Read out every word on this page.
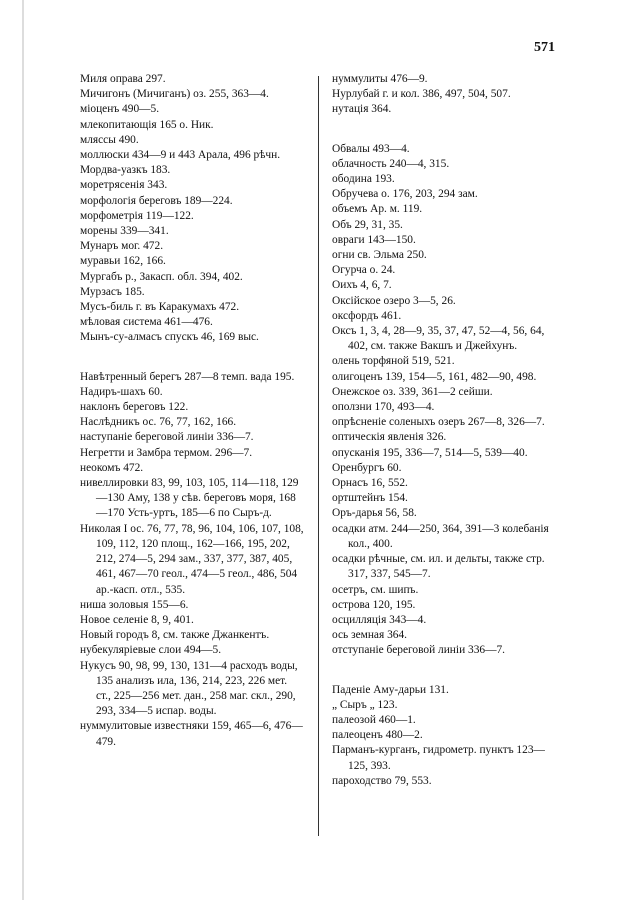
571
Миля оправа 297.
Мичигонъ (Мичиганъ) оз. 255, 363—4.
міоценъ 490—5.
млекопитающія 165 о. Ник.
мляссы 490.
моллюски 434—9 и 443 Арала, 496 рѣчн.
Мордва-уазкъ 183.
моретрясенія 343.
морфологія береговъ 189—224.
морфометрія 119—122.
морены 339—341.
Мунаръ мог. 472.
муравьи 162, 166.
Мургабъ р., Закасп. обл. 394, 402.
Мурзасъ 185.
Мусъ-биль г. въ Каракумахъ 472.
мѣловая система 461—476.
Мынъ-су-алмасъ спускъ 46, 169 выс.
Навѣтренный берегъ 287—8 темп. вада 195.
Надиръ-шахъ 60.
наклонъ береговъ 122.
Наслѣдникъ ос. 76, 77, 162, 166.
наступаніе береговой линіи 336—7.
Негретти и Замбра термом. 296—7.
неокомъ 472.
нивеллировки 83, 99, 103, 105, 114—118, 129—130 Аму, 138 у сѣв. береговъ моря, 168—170 Усть-уртъ, 185—6 по Сыръ-д.
Николая I ос. 76, 77, 78, 96, 104, 106, 107, 108, 109, 112, 120 площ., 162—166, 195, 202, 212, 274—5, 294 зам., 337, 377, 387, 405, 461, 467—70 геол., 474—5 геол., 486, 504 ар.-касп. отл., 535.
ниша золовыя 155—6.
Новое селеніе 8, 9, 401.
Новый городъ 8, см. также Джанкентъ.
нубекуляріевые слои 494—5.
Нукусъ 90, 98, 99, 130, 131—4 расходъ воды, 135 анализъ ила, 136, 214, 223, 226 мет. ст., 225—256 мет. дан., 258 маг. скл., 290, 293, 334—5 испар. воды.
нуммулитовые известняки 159, 465—6, 476—479.
нуммулиты 476—9.
Нурлубай г. и кол. 386, 497, 504, 507.
нутація 364.
Обвалы 493—4.
облачность 240—4, 315.
ободина 193.
Обручева о. 176, 203, 294 зам.
объемъ Ар. м. 119.
Объ 29, 31, 35.
овраги 143—150.
огни св. Эльма 250.
Огурча о. 24.
Оихъ 4, 6, 7.
Оксійское озеро 3—5, 26.
оксфордъ 461.
Оксъ 1, 3, 4, 28—9, 35, 37, 47, 52—4, 56, 64, 402, см. также Вакшъ и Джейхунъ.
олень торфяной 519, 521.
олигоценъ 139, 154—5, 161, 482—90, 498.
Онежское оз. 339, 361—2 сейши.
оползни 170, 493—4.
опрѣсненіе соленыхъ озеръ 267—8, 326—7.
оптическія явленія 326.
опусканія 195, 336—7, 514—5, 539—40.
Оренбургъ 60.
Орнасъ 16, 552.
ортштейнъ 154.
Оръ-дарья 56, 58.
осадки атм. 244—250, 364, 391—3 колебанія кол., 400.
осадки рѣчные, см. ил. и дельты, также стр. 317, 337, 545—7.
осетръ, см. шипъ.
острова 120, 195.
осцилляція 343—4.
ось земная 364.
отступаніе береговой линіи 336—7.
Паденіе Аму-дарьи 131.
„ Сыръ „ 123.
палеозой 460—1.
палеоценъ 480—2.
Парманъ-курганъ, гидрометр. пунктъ 123—125, 393.
пароходство 79, 553.
